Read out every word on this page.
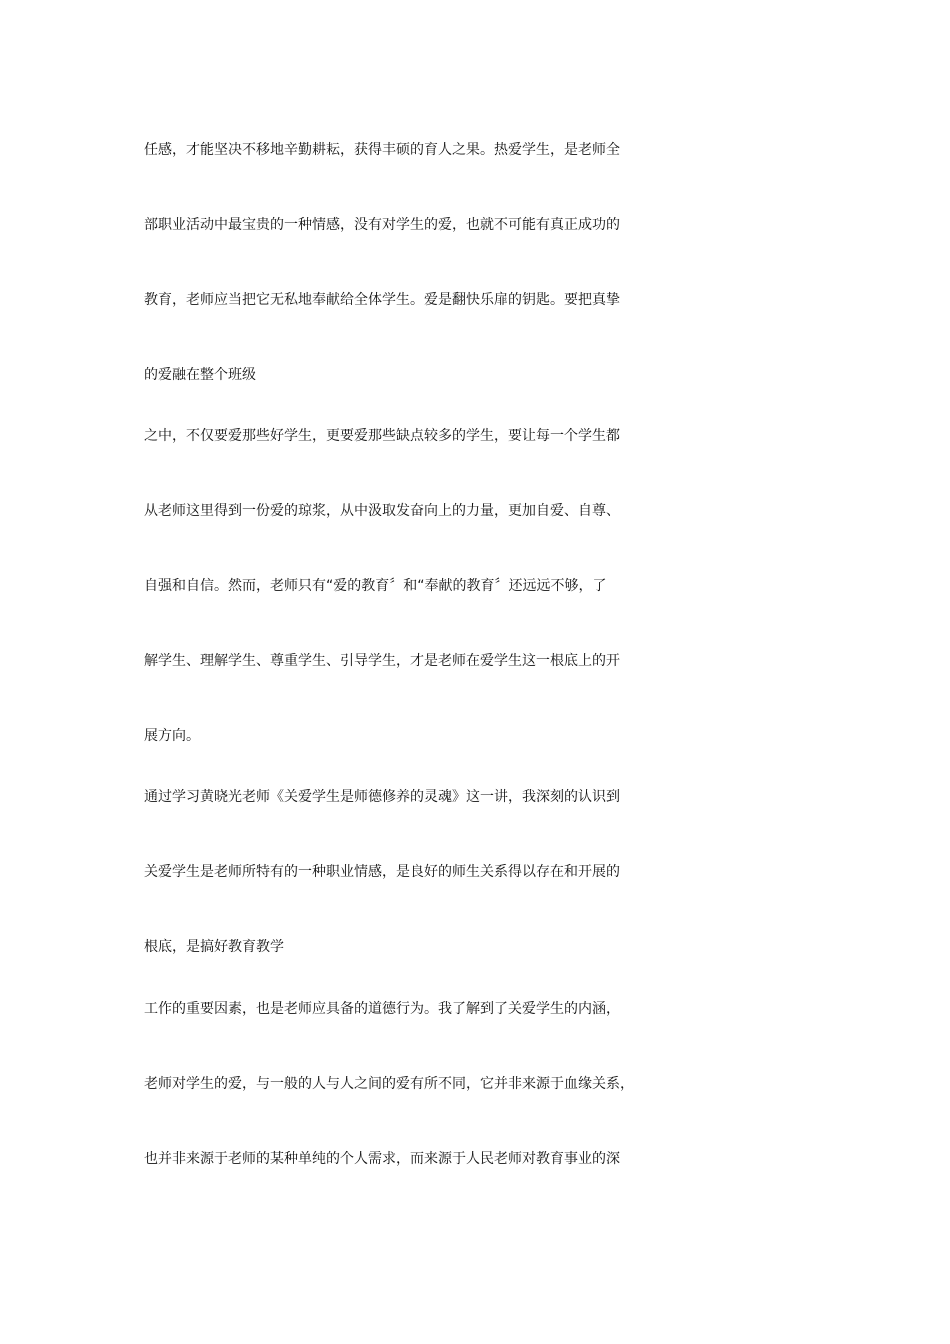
任感，才能坚决不移地辛勤耕耘，获得丰硕的育人之果。热爱学生，是老师全
部职业活动中最宝贵的一种情感，没有对学生的爱，也就不可能有真正成功的
教育，老师应当把它无私地奉献给全体学生。爱是翻快乐扉的钥匙。要把真挚
的爱融在整个班级
之中，不仅要爱那些好学生，更要爱那些缺点较多的学生，要让每一个学生都
从老师这里得到一份爱的琼浆，从中汲取发奋向上的力量，更加自爱、自尊、
自强和自信。然而，老师只有“爱的教育〞和“奉献的教育〞还远远不够，了
解学生、理解学生、尊重学生、引导学生，才是老师在爱学生这一根底上的开
展方向。
通过学习黄晓光老师《关爱学生是师德修养的灵魂》这一讲，我深刻的认识到
关爱学生是老师所特有的一种职业情感，是良好的师生关系得以存在和开展的
根底，是搞好教育教学
工作的重要因素，也是老师应具备的道德行为。我了解到了关爱学生的内涵，
老师对学生的爱，与一般的人与人之间的爱有所不同，它并非来源于血缘关系，
也并非来源于老师的某种单纯的个人需求，而来源于人民老师对教育事业的深
